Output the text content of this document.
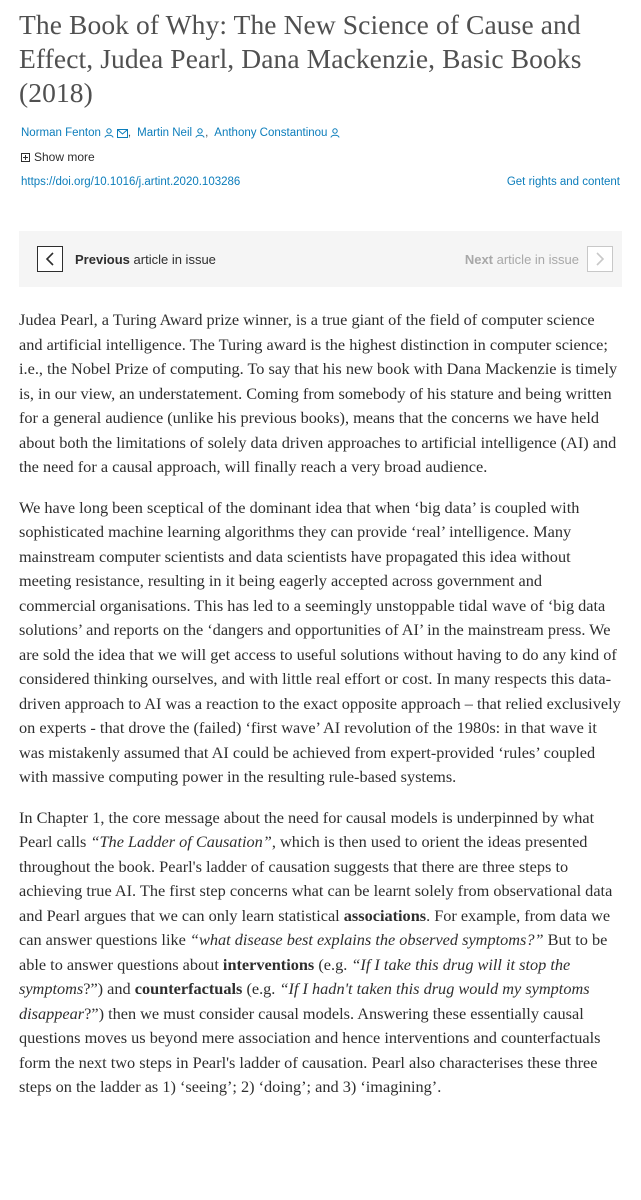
The Book of Why: The New Science of Cause and Effect, Judea Pearl, Dana Mackenzie, Basic Books (2018)
Norman Fenton , Martin Neil , Anthony Constantinou
Show more
https://doi.org/10.1016/j.artint.2020.103286	Get rights and content
Previous article in issue	Next article in issue

Judea Pearl, a Turing Award prize winner, is a true giant of the field of computer science and artificial intelligence. The Turing award is the highest distinction in computer science; i.e., the Nobel Prize of computing. To say that his new book with Dana Mackenzie is timely is, in our view, an understatement. Coming from somebody of his stature and being written for a general audience (unlike his previous books), means that the concerns we have held about both the limitations of solely data driven approaches to artificial intelligence (AI) and the need for a causal approach, will finally reach a very broad audience.

We have long been sceptical of the dominant idea that when ‘big data’ is coupled with sophisticated machine learning algorithms they can provide ‘real’ intelligence. Many mainstream computer scientists and data scientists have propagated this idea without meeting resistance, resulting in it being eagerly accepted across government and commercial organisations. This has led to a seemingly unstoppable tidal wave of ‘big data solutions’ and reports on the ‘dangers and opportunities of AI’ in the mainstream press. We are sold the idea that we will get access to useful solutions without having to do any kind of considered thinking ourselves, and with little real effort or cost. In many respects this data-driven approach to AI was a reaction to the exact opposite approach – that relied exclusively on experts - that drove the (failed) ‘first wave’ AI revolution of the 1980s: in that wave it was mistakenly assumed that AI could be achieved from expert-provided ‘rules’ coupled with massive computing power in the resulting rule-based systems.

In Chapter 1, the core message about the need for causal models is underpinned by what Pearl calls “The Ladder of Causation”, which is then used to orient the ideas presented throughout the book. Pearl's ladder of causation suggests that there are three steps to achieving true AI. The first step concerns what can be learnt solely from observational data and Pearl argues that we can only learn statistical associations. For example, from data we can answer questions like “what disease best explains the observed symptoms?” But to be able to answer questions about interventions (e.g. “If I take this drug will it stop the symptoms?”) and counterfactuals (e.g. “If I hadn't taken this drug would my symptoms disappear?”) then we must consider causal models. Answering these essentially causal questions moves us beyond mere association and hence interventions and counterfactuals form the next two steps in Pearl's ladder of causation. Pearl also characterises these three steps on the ladder as 1) ‘seeing’; 2) ‘doing’; and 3) ‘imagining’.
